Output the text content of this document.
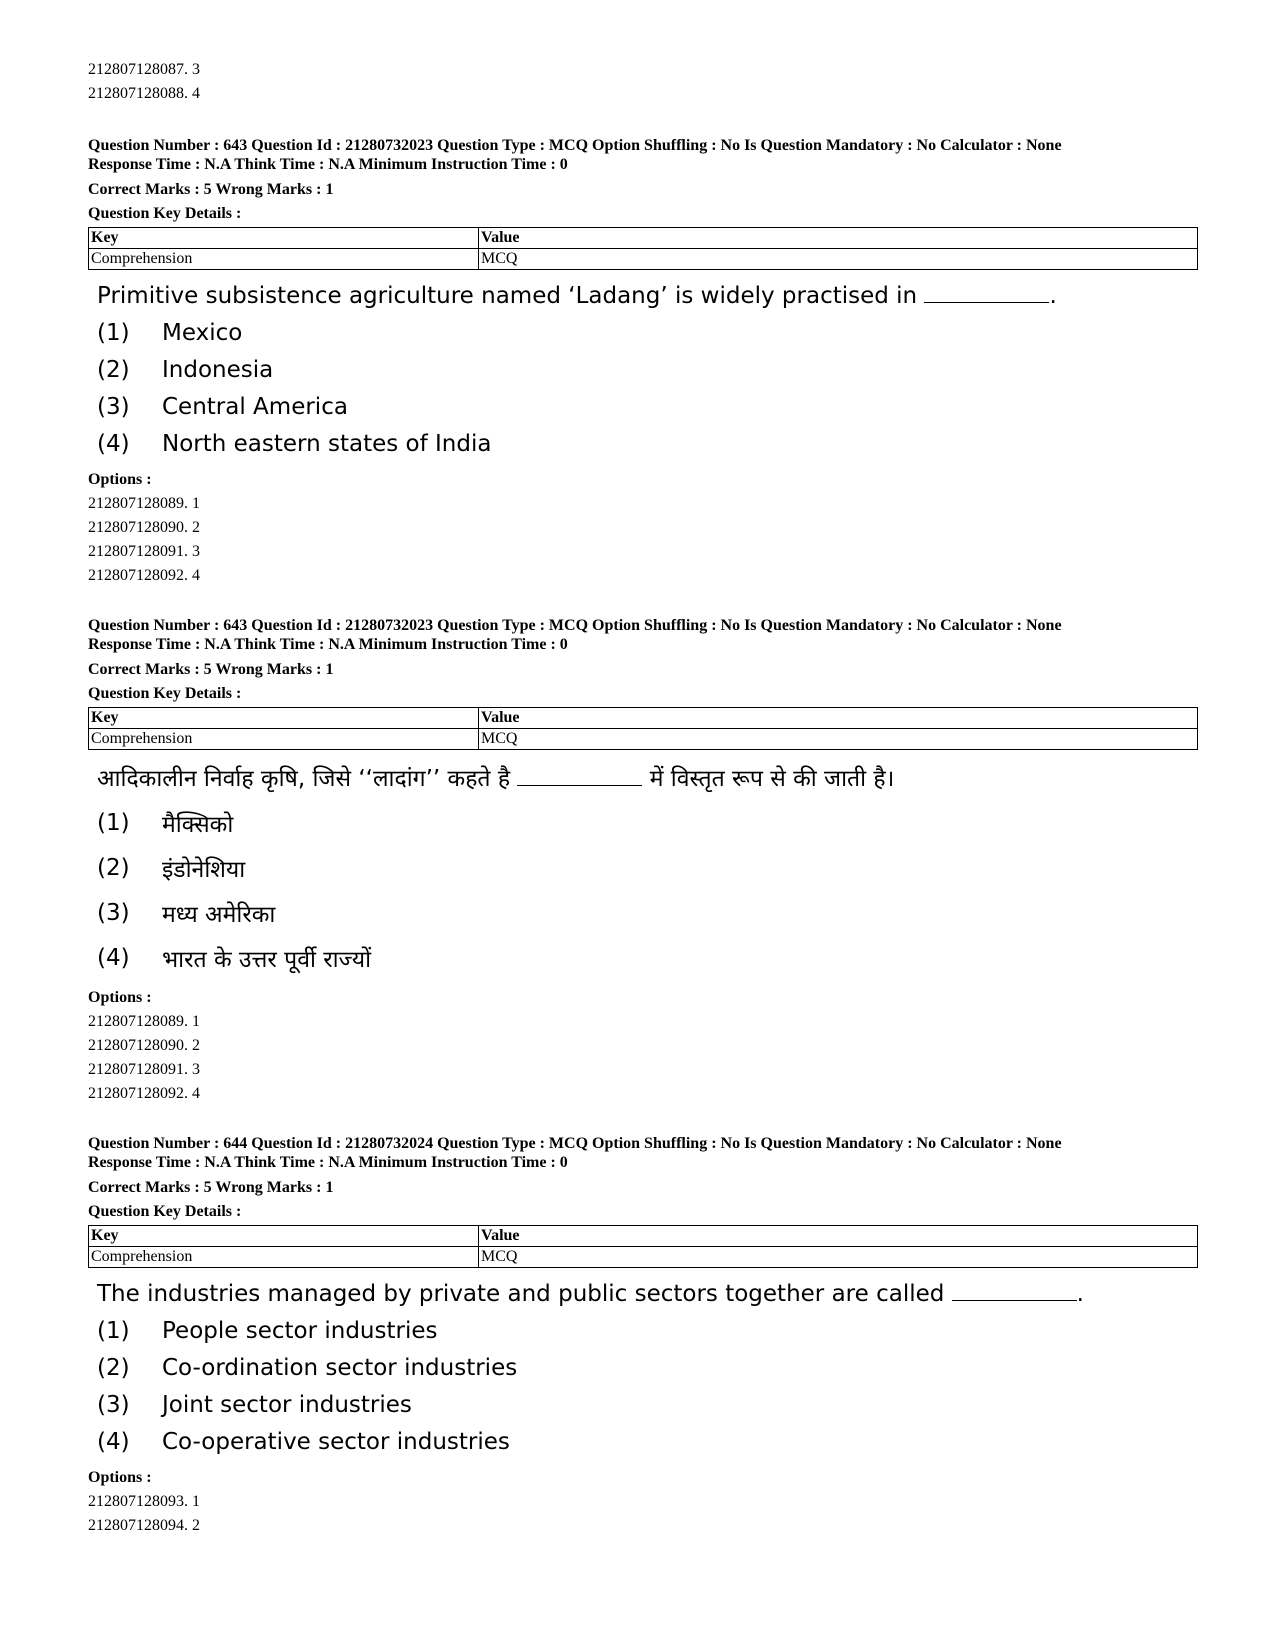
212807128087. 3
212807128088. 4
Question Number : 643 Question Id : 21280732023 Question Type : MCQ Option Shuffling : No Is Question Mandatory : No Calculator : None
Response Time : N.A Think Time : N.A Minimum Instruction Time : 0
Correct Marks : 5 Wrong Marks : 1
Question Key Details :
Key	Value
Comprehension	MCQ
Primitive subsistence agriculture named ‘Ladang’ is widely practised in	.
(1)	Mexico
(2)	Indonesia
(3)	Central America
(4)	North eastern states of India
Options :
212807128089. 1
212807128090. 2
212807128091. 3
212807128092. 4
Question Number : 643 Question Id : 21280732023 Question Type : MCQ Option Shuffling : No Is Question Mandatory : No Calculator : None
Response Time : N.A Think Time : N.A Minimum Instruction Time : 0
Correct Marks : 5 Wrong Marks : 1
Question Key Details :
Key	Value
Comprehension	MCQ
आदिकालीन निर्वाह कृषि, जिसे ‘‘लादांग’’ कहते है	में विस्तृत रूप से की जाती है।
(1)	मैक्सिको
(2)	इंडोनेशिया
(3)	मध्य अमेरिका
(4)	भारत के उत्तर पूर्वी राज्यों
Options :
212807128089. 1
212807128090. 2
212807128091. 3
212807128092. 4
Question Number : 644 Question Id : 21280732024 Question Type : MCQ Option Shuffling : No Is Question Mandatory : No Calculator : None
Response Time : N.A Think Time : N.A Minimum Instruction Time : 0
Correct Marks : 5 Wrong Marks : 1
Question Key Details :
Key	Value
Comprehension	MCQ
The industries managed by private and public sectors together are called	.
(1)	People sector industries
(2)	Co-ordination sector industries
(3)	Joint sector industries
(4)	Co-operative sector industries
Options :
212807128093. 1
212807128094. 2
